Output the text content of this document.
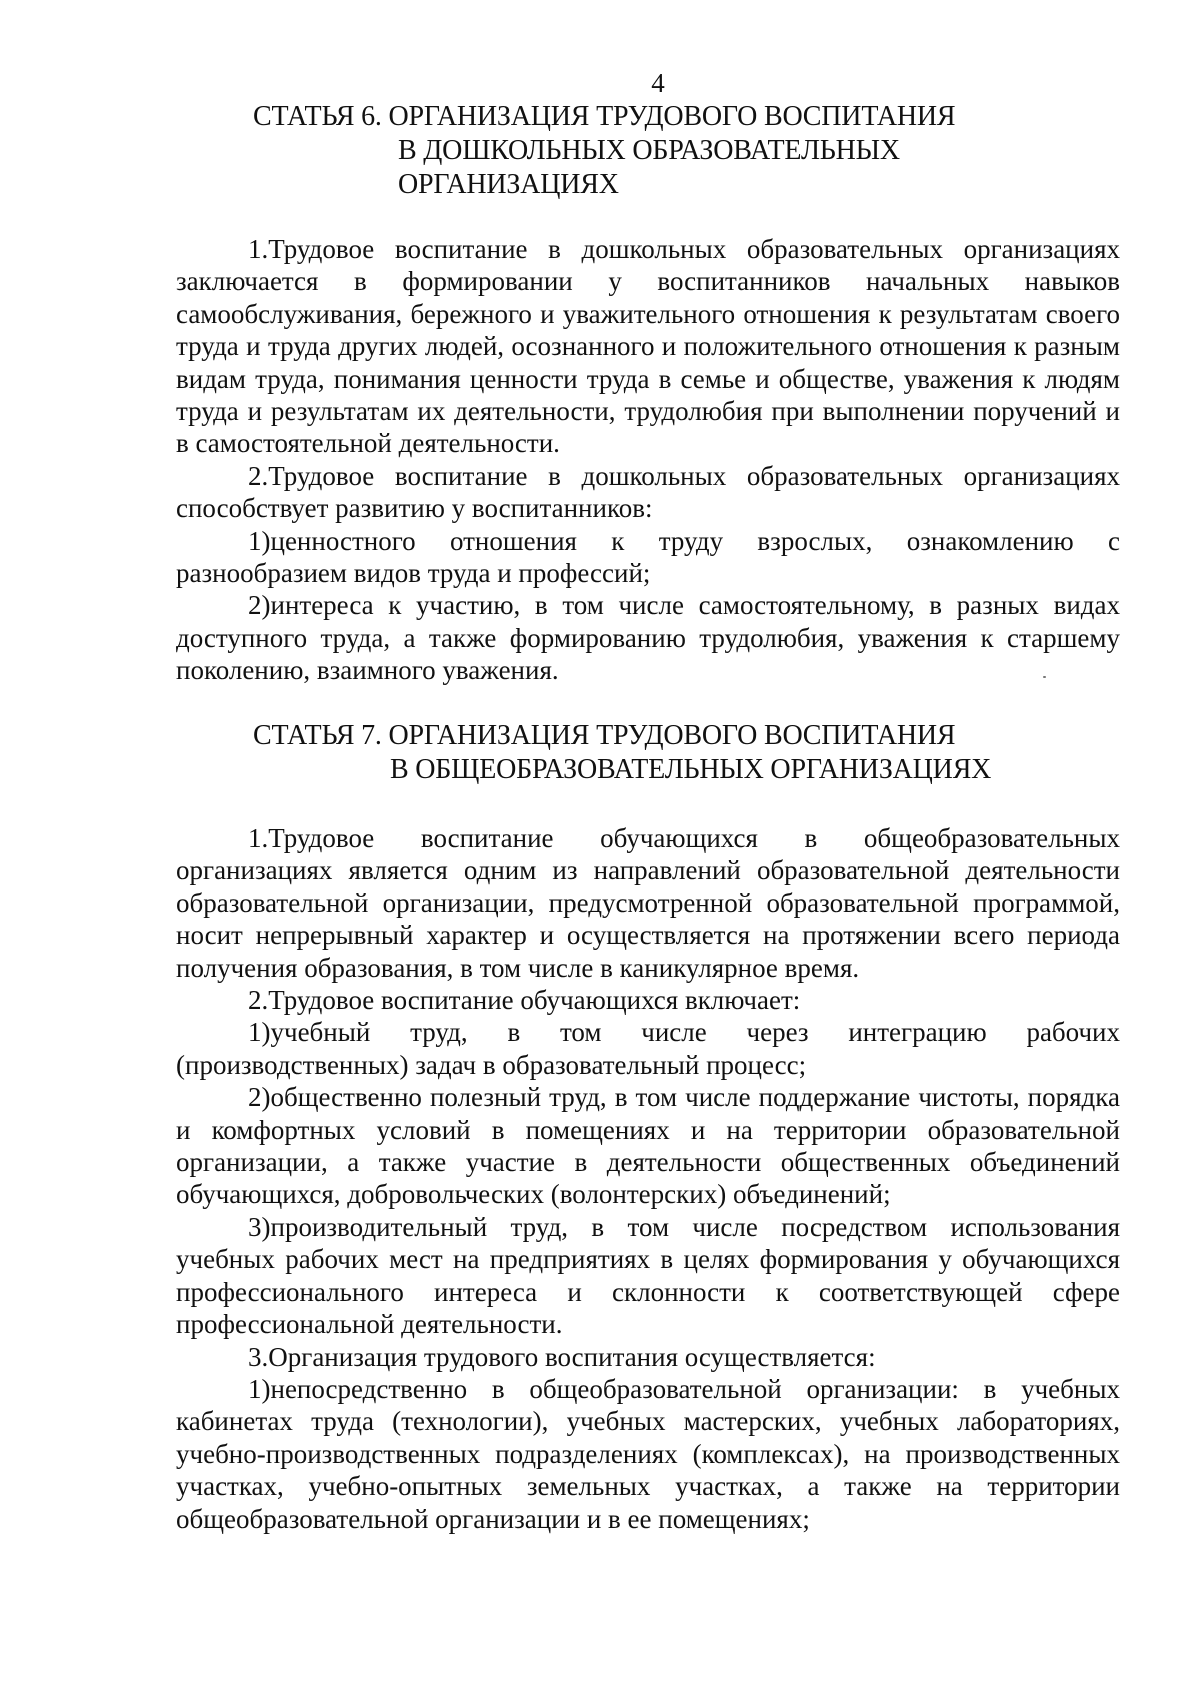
4
СТАТЬЯ 6. ОРГАНИЗАЦИЯ ТРУДОВОГО ВОСПИТАНИЯ
В ДОШКОЛЬНЫХ ОБРАЗОВАТЕЛЬНЫХ
ОРГАНИЗАЦИЯХ

1.Трудовое воспитание в дошкольных образовательных организациях заключается в формировании у воспитанников начальных навыков самообслуживания, бережного и уважительного отношения к результатам своего труда и труда других людей, осознанного и положительного отношения к разным видам труда, понимания ценности труда в семье и обществе, уважения к людям труда и результатам их деятельности, трудолюбия при выполнении поручений и в самостоятельной деятельности.

2.Трудовое воспитание в дошкольных образовательных организациях способствует развитию у воспитанников:

1)ценностного отношения к труду взрослых, ознакомлению с разнообразием видов труда и профессий;

2)интереса к участию, в том числе самостоятельному, в разных видах доступного труда, а также формированию трудолюбия, уважения к старшему поколению, взаимного уважения.

СТАТЬЯ 7. ОРГАНИЗАЦИЯ ТРУДОВОГО ВОСПИТАНИЯ
В ОБЩЕОБРАЗОВАТЕЛЬНЫХ ОРГАНИЗАЦИЯХ

1.Трудовое воспитание обучающихся в общеобразовательных организациях является одним из направлений образовательной деятельности образовательной организации, предусмотренной образовательной программой, носит непрерывный характер и осуществляется на протяжении всего периода получения образования, в том числе в каникулярное время.

2.Трудовое воспитание обучающихся включает:

1)учебный труд, в том числе через интеграцию рабочих (производственных) задач в образовательный процесс;

2)общественно полезный труд, в том числе поддержание чистоты, порядка и комфортных условий в помещениях и на территории образовательной организации, а также участие в деятельности общественных объединений обучающихся, добровольческих (волонтерских) объединений;

3)производительный труд, в том числе посредством использования учебных рабочих мест на предприятиях в целях формирования у обучающихся профессионального интереса и склонности к соответствующей сфере профессиональной деятельности.

3.Организация трудового воспитания осуществляется:

1)непосредственно в общеобразовательной организации: в учебных кабинетах труда (технологии), учебных мастерских, учебных лабораториях, учебно-производственных подразделениях (комплексах), на производственных участках, учебно-опытных земельных участках, а также на территории общеобразовательной организации и в ее помещениях;
